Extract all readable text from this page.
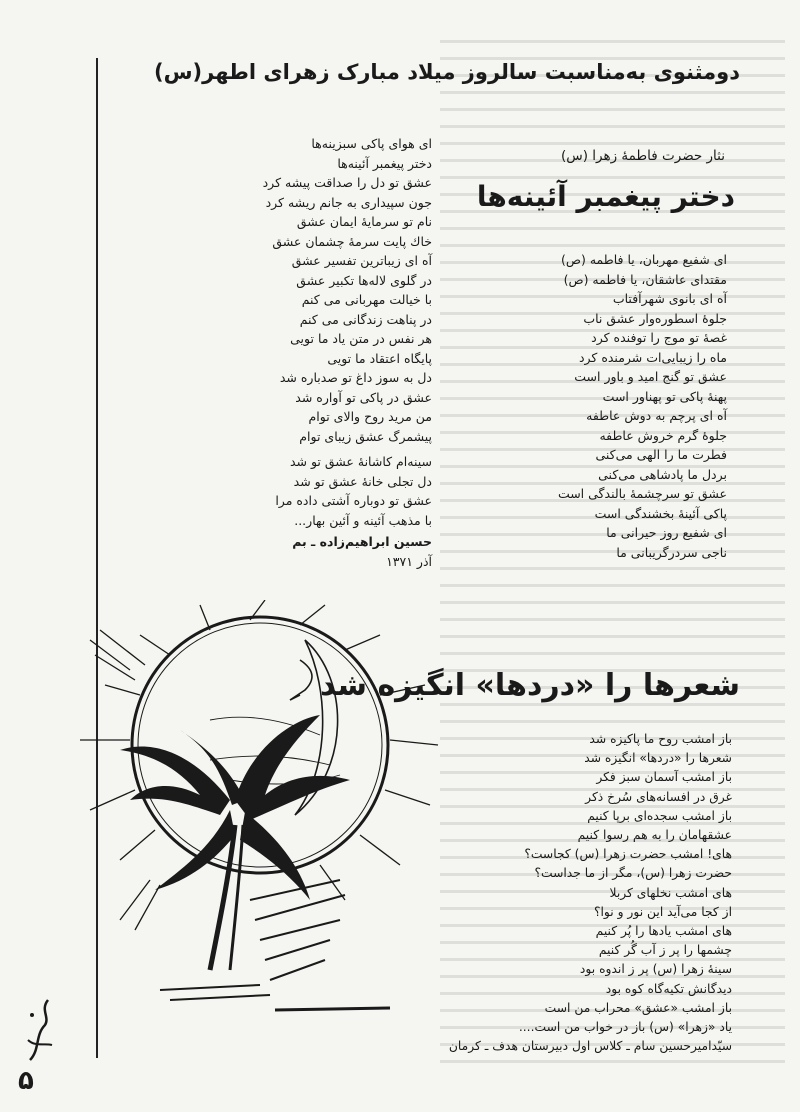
دومثنوی به‌مناسبت سالروز میلاد مبارک زهرای اطهر(س)
ای هوای پاکی سبزینه‌ها
دختر پیغمبر آئینه‌ها
عشق تو دل را صداقت پیشه کرد
جون سپیداری به جانم ریشه کرد
نام تو سرمایهٔ ایمان عشق
خاك پایت سرمهٔ چشمان عشق
آه ای زیباترین تفسیر عشق
در گلوی لاله‌ها تکبیر عشق
با خیالت مهربانی می کنم
در پناهت زندگانی می کنم
هر نفس در متن یاد ما تویی
پایگاه اعتقاد ما تویی
دل به سوز داغ تو صدباره شد
عشق در پاکی تو آواره شد
من مرید روح والای توام
پیشمرگ عشق زیبای توام
سینه‌ام کاشانهٔ عشق تو شد
دل تجلی خانهٔ عشق تو شد
عشق تو دوباره آشتی داده مرا
با مذهب آئینه و آئین بهار...
حسین ابراهیم‌زاده ـ بم
آذر ۱۳۷۱
نثار حضرت فاطمهٔ زهرا (س)
دختر پیغمبر آئینه‌ها
ای شفیع مهربان، یا فاطمه (ص)
مقتدای عاشقان، یا فاطمه (ص)
آه ای بانوی شهرآفتاب
جلوهٔ اسطوره‌وار عشق ناب
غصهٔ تو موج را توفنده کرد
ماه را زیبایی‌ات شرمنده کرد
عشق تو گنج امید و باور است
پهنهٔ پاکی تو پهناور است
آه ای پرچم به دوش عاطفه
جلوهٔ گرم خروش عاطفه
فطرت ما را الهی می‌کنی
بردل ما پادشاهی می‌کنی
عشق تو سرچشمهٔ بالندگی است
پاکی آئینهٔ بخشندگی است
ای شفیع روز حیرانی ما
ناجی سردرگریبانی ما
شعرها را «دردها» انگیزه شد
باز امشب روح ما پاکیزه شد
شعرها را «دردها» انگیزه شد
باز امشب آسمان سبز فکر
غرق در افسانه‌های سُرخ ذکر
باز امشب سجده‌ای برپا کنیم
عشقهامان را به هم رسوا کنیم
های! امشب حضرت زهرا (س) کجاست؟
حضرت زهرا (س)، مگر از ما جداست؟
های امشب نخلهای کربلا
از کجا می‌آید این نور و نوا؟
های امشب یادها را پُر کنیم
چشمها را پر ز آب گُر کنیم
سینهٔ زهرا (س) پر ز اندوه بود
دیدگانش تکیه‌گاه کوه بود
باز امشب «عشق» محراب من است
یاد «زهرا» (س) باز در خواب من است....
سیّدامیرحسین سام ـ کلاس اول دبیرستان هدف ـ کرمان
۵
